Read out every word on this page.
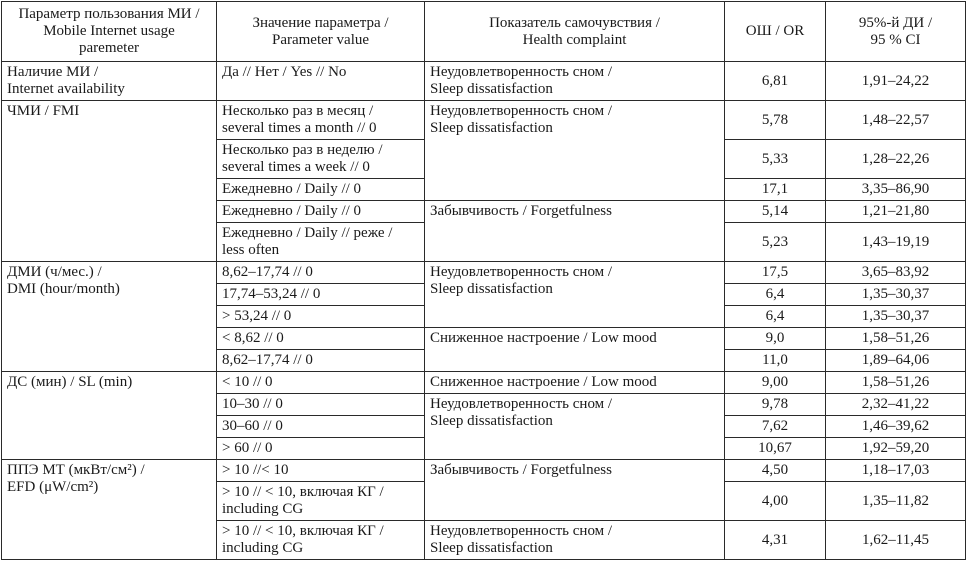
Параметр пользования МИ /
Mobile Internet usage
paremeter	Значение параметра /
Parameter value	Показатель самочувствия /
Health complaint	ОШ / OR	95%-й ДИ /
95 % CI

Наличие МИ /
Internet availability	Да // Нет / Yes // No	Неудовлетворенность сном /
Sleep dissatisfaction	6,81	1,91–24,22

ЧМИ / FMI	Несколько раз в месяц /
several times a month // 0	Неудовлетворенность сном /
Sleep dissatisfaction	5,78	1,48–22,57

	Несколько раз в неделю /
several times a week // 0		5,33	1,28–22,26

	Ежедневно / Daily // 0		17,1	3,35–86,90

	Ежедневно / Daily // 0	Забывчивость / Forgetfulness	5,14	1,21–21,80

	Ежедневно / Daily // реже /
less often		5,23	1,43–19,19

ДМИ (ч/мес.) /
DMI (hour/month)	8,62–17,74 // 0	Неудовлетворенность сном /
Sleep dissatisfaction	17,5	3,65–83,92

	17,74–53,24 // 0		6,4	1,35–30,37

	> 53,24 // 0		6,4	1,35–30,37

	< 8,62 // 0	Сниженное настроение / Low mood	9,0	1,58–51,26

	8,62–17,74 // 0		11,0	1,89–64,06

ДС (мин) / SL (min)	< 10 // 0	Сниженное настроение / Low mood	9,00	1,58–51,26

	10–30 // 0	Неудовлетворенность сном /
Sleep dissatisfaction	9,78	2,32–41,22

	30–60 // 0		7,62	1,46–39,62

	> 60 // 0		10,67	1,92–59,20

ППЭ МТ (мкВт/см²) /
EFD (μW/cm²)	> 10 //< 10	Забывчивость / Forgetfulness	4,50	1,18–17,03

	> 10 // < 10, включая КГ /
including CG		4,00	1,35–11,82

	> 10 // < 10, включая КГ /
including CG	Неудовлетворенность сном /
Sleep dissatisfaction	4,31	1,62–11,45
